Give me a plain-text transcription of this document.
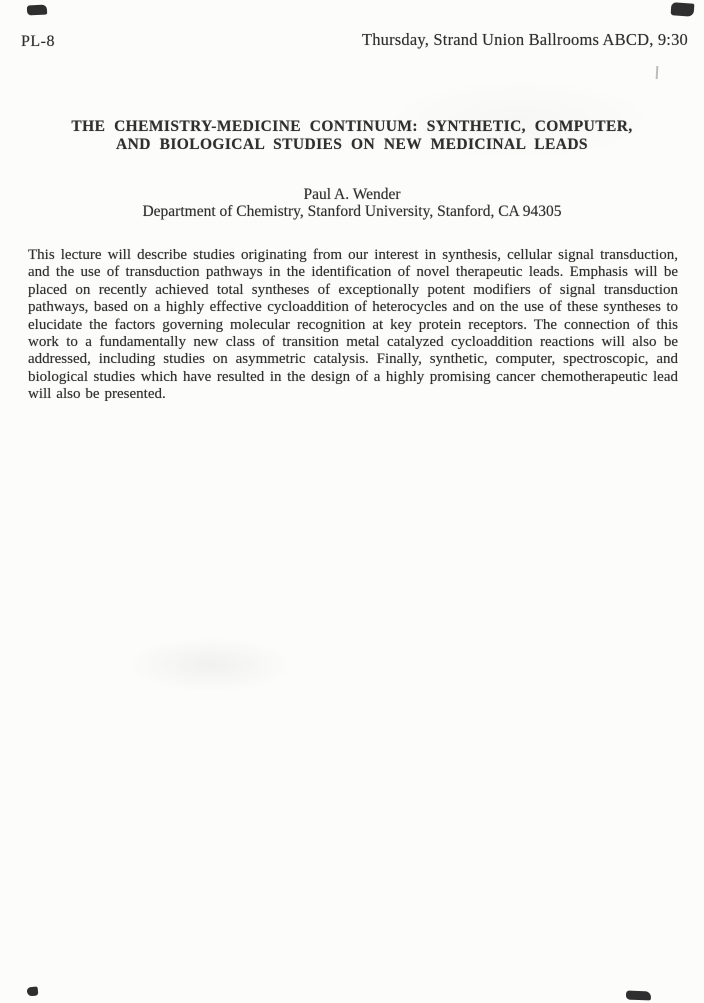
PL-8	Thursday, Strand Union Ballrooms ABCD, 9:30
THE CHEMISTRY-MEDICINE CONTINUUM: SYNTHETIC, COMPUTER,
AND BIOLOGICAL STUDIES ON NEW MEDICINAL LEADS
Paul A. Wender
Department of Chemistry, Stanford University, Stanford, CA 94305
This lecture will describe studies originating from our interest in synthesis, cellular signal transduction, and the use of transduction pathways in the identification of novel therapeutic leads. Emphasis will be placed on recently achieved total syntheses of exceptionally potent modifiers of signal transduction pathways, based on a highly effective cycloaddition of heterocycles and on the use of these syntheses to elucidate the factors governing molecular recognition at key protein receptors. The connection of this work to a fundamentally new class of transition metal catalyzed cycloaddition reactions will also be addressed, including studies on asymmetric catalysis. Finally, synthetic, computer, spectroscopic, and biological studies which have resulted in the design of a highly promising cancer chemotherapeutic lead will also be presented.
